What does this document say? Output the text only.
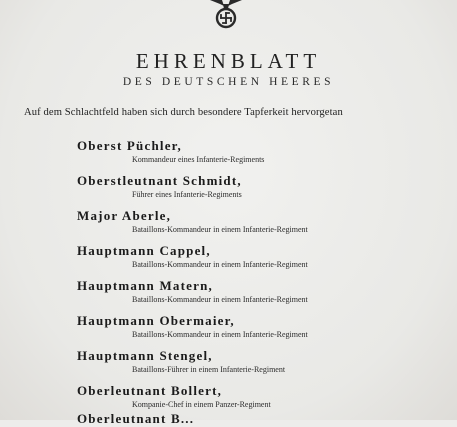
EHRENBLATT
DES DEUTSCHEN HEERES
Auf dem Schlachtfeld haben sich durch besondere Tapferkeit hervorgetan
Oberst Püchler,
Kommandeur eines Infanterie-Regiments
Oberstleutnant Schmidt,
Führer eines Infanterie-Regiments
Major Aberle,
Bataillons-Kommandeur in einem Infanterie-Regiment
Hauptmann Cappel,
Bataillons-Kommandeur in einem Infanterie-Regiment
Hauptmann Matern,
Bataillons-Kommandeur in einem Infanterie-Regiment
Hauptmann Obermaier,
Bataillons-Kommandeur in einem Infanterie-Regiment
Hauptmann Stengel,
Bataillons-Führer in einem Infanterie-Regiment
Oberleutnant Bollert,
Kompanie-Chef in einem Panzer-Regiment
Oberleutnant B...
